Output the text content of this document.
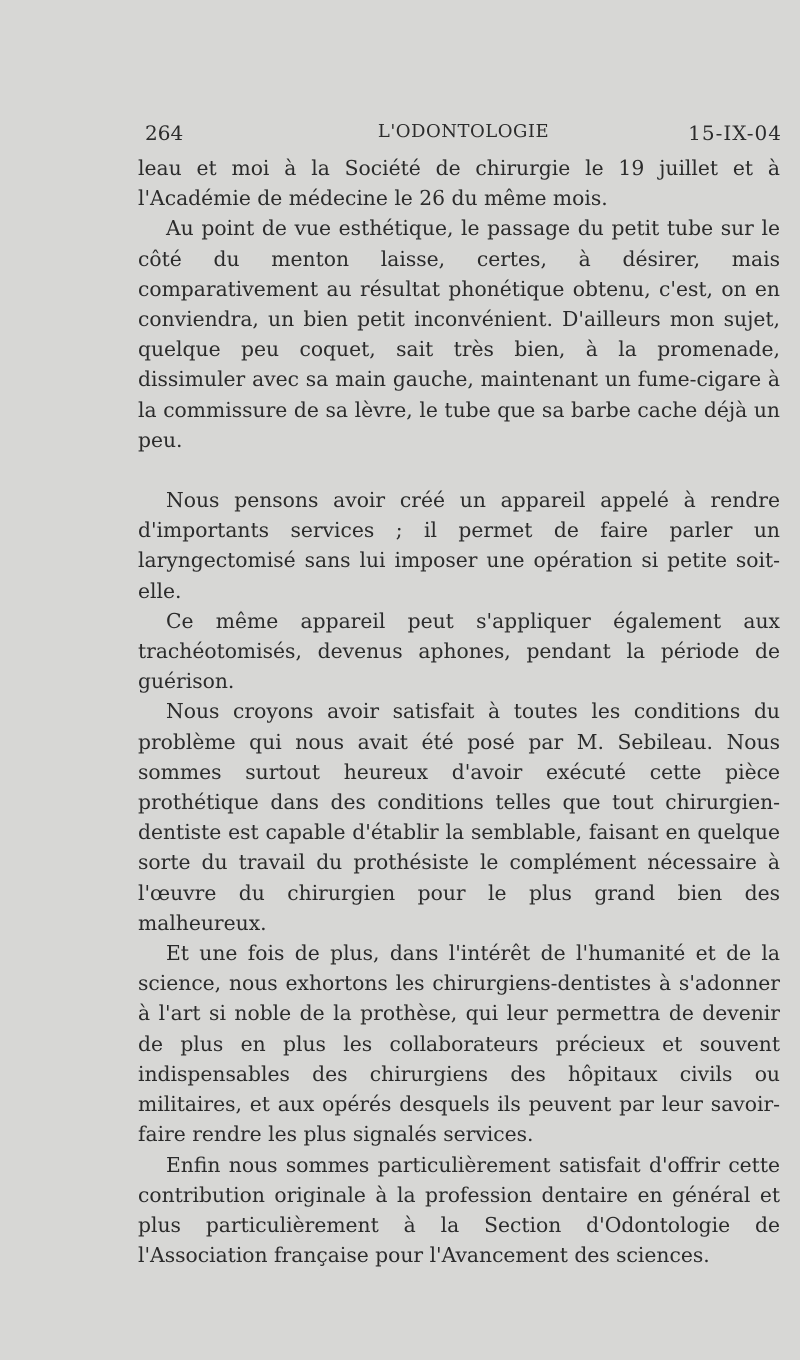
264	L'ODONTOLOGIE	15-IX-04

leau et moi à la Société de chirurgie le 19 juillet et à l'Académie de médecine le 26 du même mois.

Au point de vue esthétique, le passage du petit tube sur le côté du menton laisse, certes, à désirer, mais comparativement au résultat phonétique obtenu, c'est, on en conviendra, un bien petit inconvénient. D'ailleurs mon sujet, quelque peu coquet, sait très bien, à la promenade, dissimuler avec sa main gauche, maintenant un fume-cigare à la commissure de sa lèvre, le tube que sa barbe cache déjà un peu.

Nous pensons avoir créé un appareil appelé à rendre d'importants services ; il permet de faire parler un laryngectomisé sans lui imposer une opération si petite soit-elle.

Ce même appareil peut s'appliquer également aux trachéotomisés, devenus aphones, pendant la période de guérison.

Nous croyons avoir satisfait à toutes les conditions du problème qui nous avait été posé par M. Sebileau. Nous sommes surtout heureux d'avoir exécuté cette pièce prothétique dans des conditions telles que tout chirurgien-dentiste est capable d'établir la semblable, faisant en quelque sorte du travail du prothésiste le complément nécessaire à l'œuvre du chirurgien pour le plus grand bien des malheureux.

Et une fois de plus, dans l'intérêt de l'humanité et de la science, nous exhortons les chirurgiens-dentistes à s'adonner à l'art si noble de la prothèse, qui leur permettra de devenir de plus en plus les collaborateurs précieux et souvent indispensables des chirurgiens des hôpitaux civils ou militaires, et aux opérés desquels ils peuvent par leur savoir-faire rendre les plus signalés services.

Enfin nous sommes particulièrement satisfait d'offrir cette contribution originale à la profession dentaire en général et plus particulièrement à la Section d'Odontologie de l'Association française pour l'Avancement des sciences.
